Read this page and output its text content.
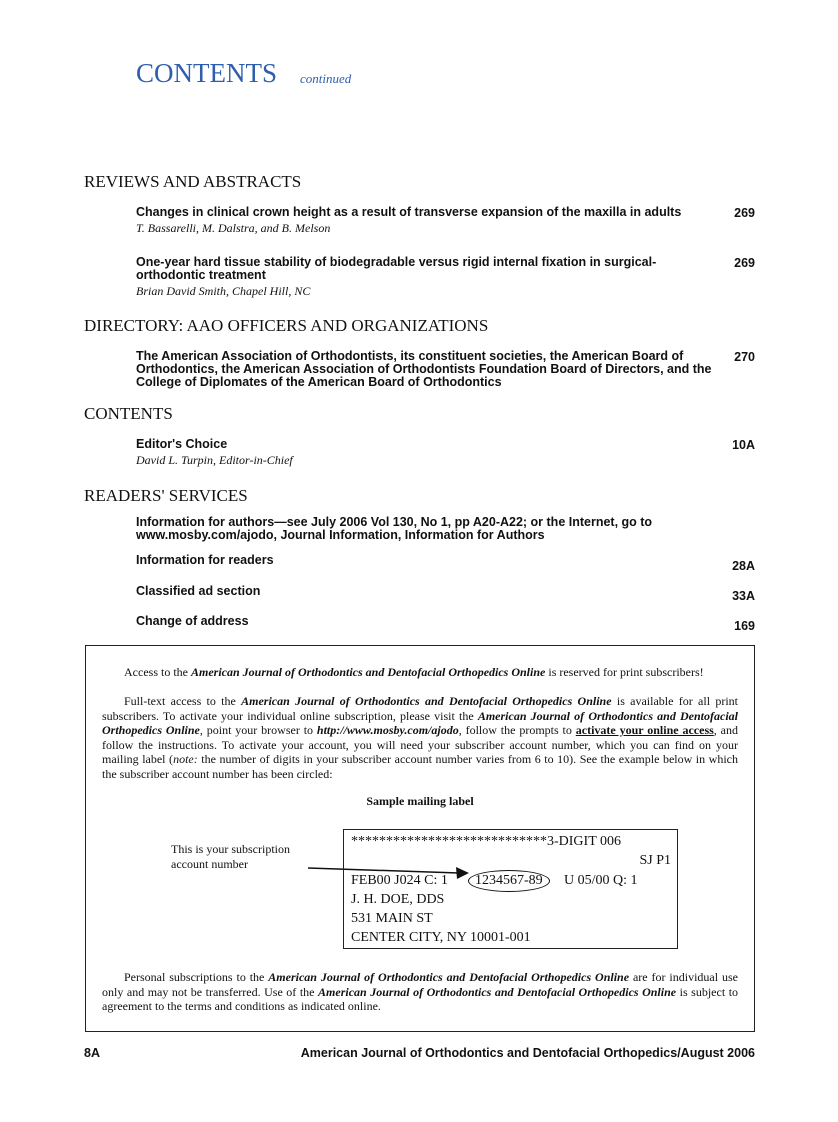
CONTENTS continued
REVIEWS AND ABSTRACTS
Changes in clinical crown height as a result of transverse expansion of the maxilla in adults
T. Bassarelli, M. Dalstra, and B. Melson
269
One-year hard tissue stability of biodegradable versus rigid internal fixation in surgical-orthodontic treatment
Brian David Smith, Chapel Hill, NC
269
DIRECTORY: AAO OFFICERS AND ORGANIZATIONS
The American Association of Orthodontists, its constituent societies, the American Board of Orthodontics, the American Association of Orthodontists Foundation Board of Directors, and the College of Diplomates of the American Board of Orthodontics
270
CONTENTS
Editor's Choice
David L. Turpin, Editor-in-Chief
10A
READERS' SERVICES
Information for authors—see July 2006 Vol 130, No 1, pp A20-A22; or the Internet, go to www.mosby.com/ajodo, Journal Information, Information for Authors
Information for readers	28A
Classified ad section	33A
Change of address	169
Access to the American Journal of Orthodontics and Dentofacial Orthopedics Online is reserved for print subscribers!
Full-text access to the American Journal of Orthodontics and Dentofacial Orthopedics Online is available for all print subscribers. To activate your individual online subscription, please visit the American Journal of Orthodontics and Dentofacial Orthopedics Online, point your browser to http://www.mosby.com/ajodo, follow the prompts to activate your online access, and follow the instructions. To activate your account, you will need your subscriber account number, which you can find on your mailing label (note: the number of digits in your subscriber account number varies from 6 to 10). See the example below in which the subscriber account number has been circled:
Sample mailing label
This is your subscription account number
****************************3-DIGIT 006
SJ P1
FEB00 J024 C: 1	1234567-89	U 05/00 Q: 1
J. H. DOE, DDS
531 MAIN ST
CENTER CITY, NY 10001-001
Personal subscriptions to the American Journal of Orthodontics and Dentofacial Orthopedics Online are for individual use only and may not be transferred. Use of the American Journal of Orthodontics and Dentofacial Orthopedics Online is subject to agreement to the terms and conditions as indicated online.
8A	American Journal of Orthodontics and Dentofacial Orthopedics/August 2006
